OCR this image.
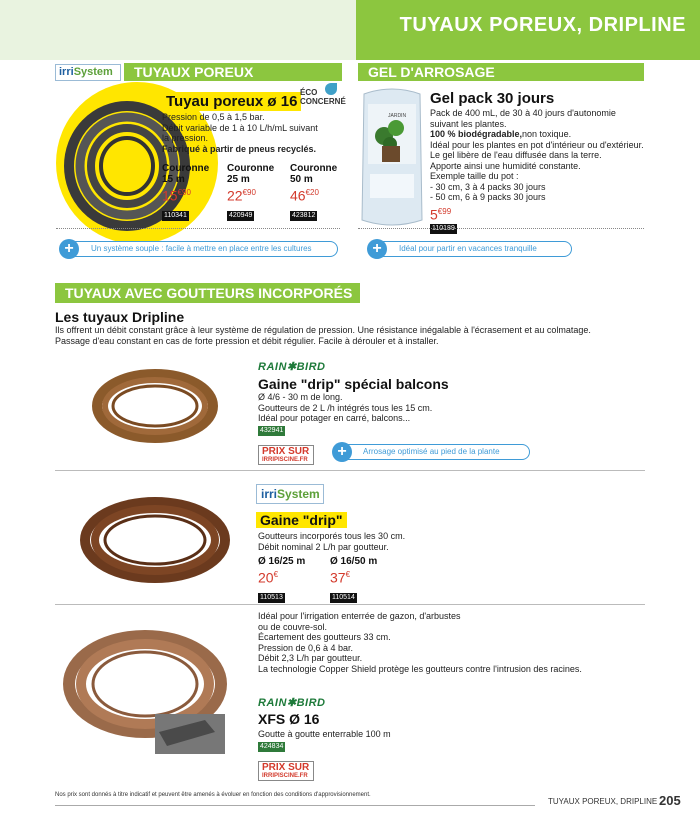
TUYAUX POREUX, DRIPLINE
irriSystem	TUYAUX POREUX
Tuyau poreux ø 16
ÉCO
CONCERNÉ
Pression de 0,5 à 1,5 bar.
Débit variable de 1 à 10 L/h/mL suivant
la pression.
Fabriqué à partir de pneus recyclés.
Couronne
15 m
$15^{€90}$
110341
Couronne
25 m
$22^{€90}$
420949
Couronne
50 m
$46^{€20}$
423812
Un système souple : facile à mettre en place entre les cultures
+
GEL D'ARROSAGE
JARDIN
Gel pack 30 jours
Pack de 400 mL, de 30 à 40 jours d'autonomie
suivant les plantes.
100 % biodégradable,non toxique.
Idéal pour les plantes en pot d'intérieur ou d'extérieur.
Le gel libère de l'eau diffusée dans la terre.
Apporte ainsi une humidité constante.
Exemple taille du pot :
- 30 cm, 3 à 4 packs 30 jours
- 50 cm, 6 à 9 packs 30 jours
$5^{€99}$
110189
Idéal pour partir en vacances tranquille
+
TUYAUX AVEC GOUTTEURS INCORPORÉS
Les tuyaux Dripline
Ils offrent un débit constant grâce à leur système de régulation de pression. Une résistance inégalable à l'écrasement et au colmatage.
Passage d'eau constant en cas de forte pression et débit régulier. Facile à dérouler et à installer.
RAIN✱BIRD
Gaine "drip" spécial balcons
Ø 4/6 - 30 m de long.
Goutteurs de 2 L /h intégrés tous les 15 cm.
Idéal pour potager en carré, balcons...
432941
PRIX SUR
IRRIPISCINE.FR
Arrosage optimisé au pied de la plante
+
irriSystem
Gaine "drip"
Goutteurs incorporés tous les 30 cm.
Débit nominal 2 L/h par goutteur.
Ø 16/25 m
20€
110513
Ø 16/50 m
37€
110514
Idéal pour l'irrigation enterrée de gazon, d'arbustes
ou de couvre-sol.
Écartement des goutteurs 33 cm.
Pression de 0,6 à 4 bar.
Débit 2,3 L/h par goutteur.
La technologie Copper Shield protège les goutteurs contre l'intrusion des racines.
RAIN✱BIRD
XFS Ø 16
Goutte à goutte enterrable 100 m
424834
PRIX SUR
IRRIPISCINE.FR
Nos prix sont donnés à titre indicatif et peuvent être amenés à évoluer en fonction des conditions d'approvisionnement.
TUYAUX POREUX, DRIPLINE 205
